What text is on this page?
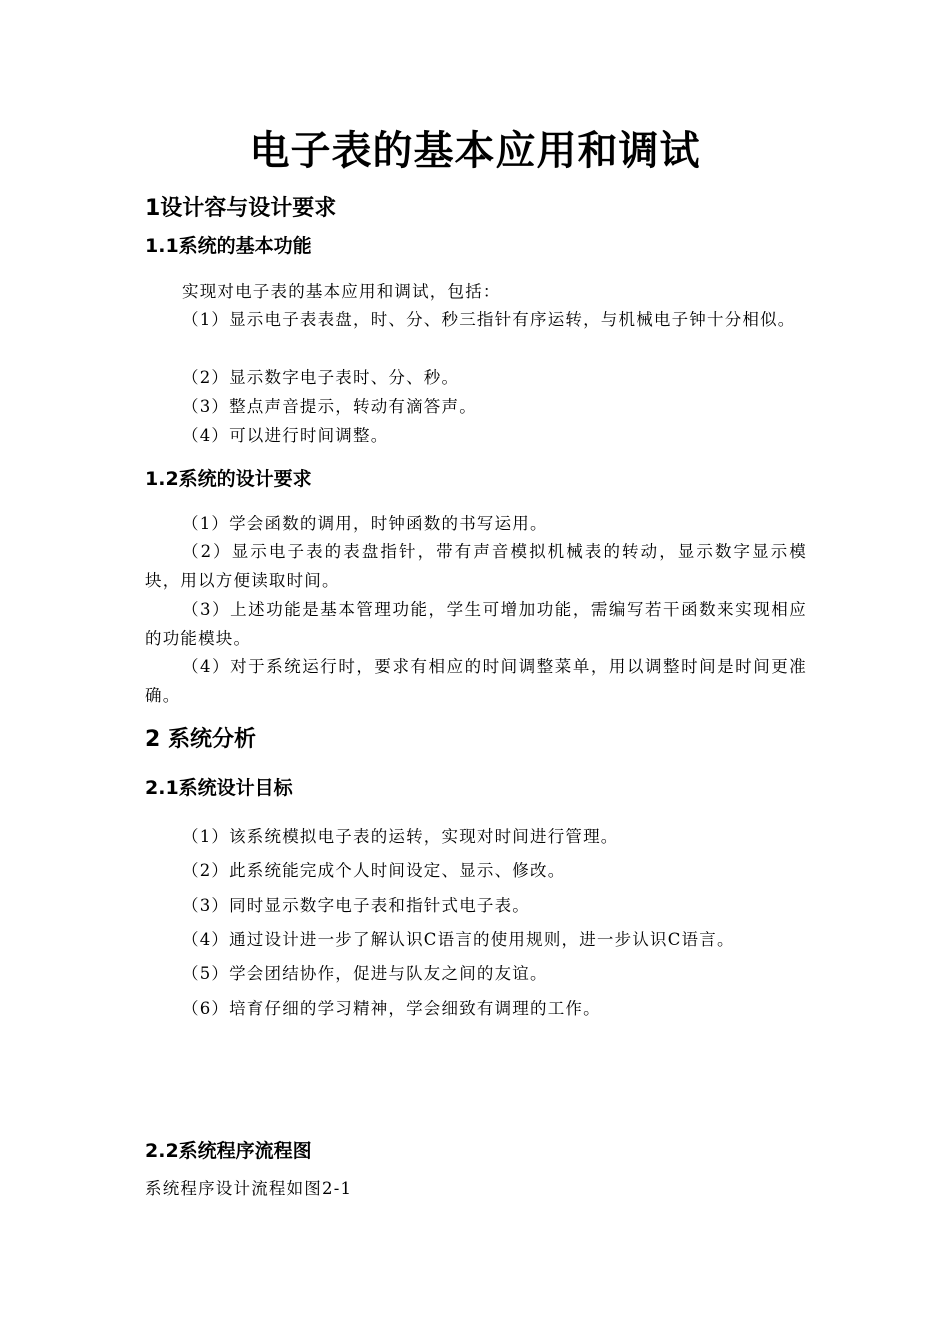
电子表的基本应用和调试
1设计容与设计要求
1.1系统的基本功能
实现对电子表的基本应用和调试，包括：
（1）显示电子表表盘，时、分、秒三指针有序运转，与机械电子钟十分相似。
（2）显示数字电子表时、分、秒。
（3）整点声音提示，转动有滴答声。
（4）可以进行时间调整。
1.2系统的设计要求
（1）学会函数的调用，时钟函数的书写运用。
（2）显示电子表的表盘指针，带有声音模拟机械表的转动，显示数字显示模块，用以方便读取时间。
（3）上述功能是基本管理功能，学生可增加功能，需编写若干函数来实现相应的功能模块。
（4）对于系统运行时，要求有相应的时间调整菜单，用以调整时间是时间更准确。
2 系统分析
2.1系统设计目标
（1）该系统模拟电子表的运转，实现对时间进行管理。
（2）此系统能完成个人时间设定、显示、修改。
（3）同时显示数字电子表和指针式电子表。
（4）通过设计进一步了解认识C语言的使用规则，进一步认识C语言。
（5）学会团结协作，促进与队友之间的友谊。
（6）培育仔细的学习精神，学会细致有调理的工作。
2.2系统程序流程图
系统程序设计流程如图2-1
